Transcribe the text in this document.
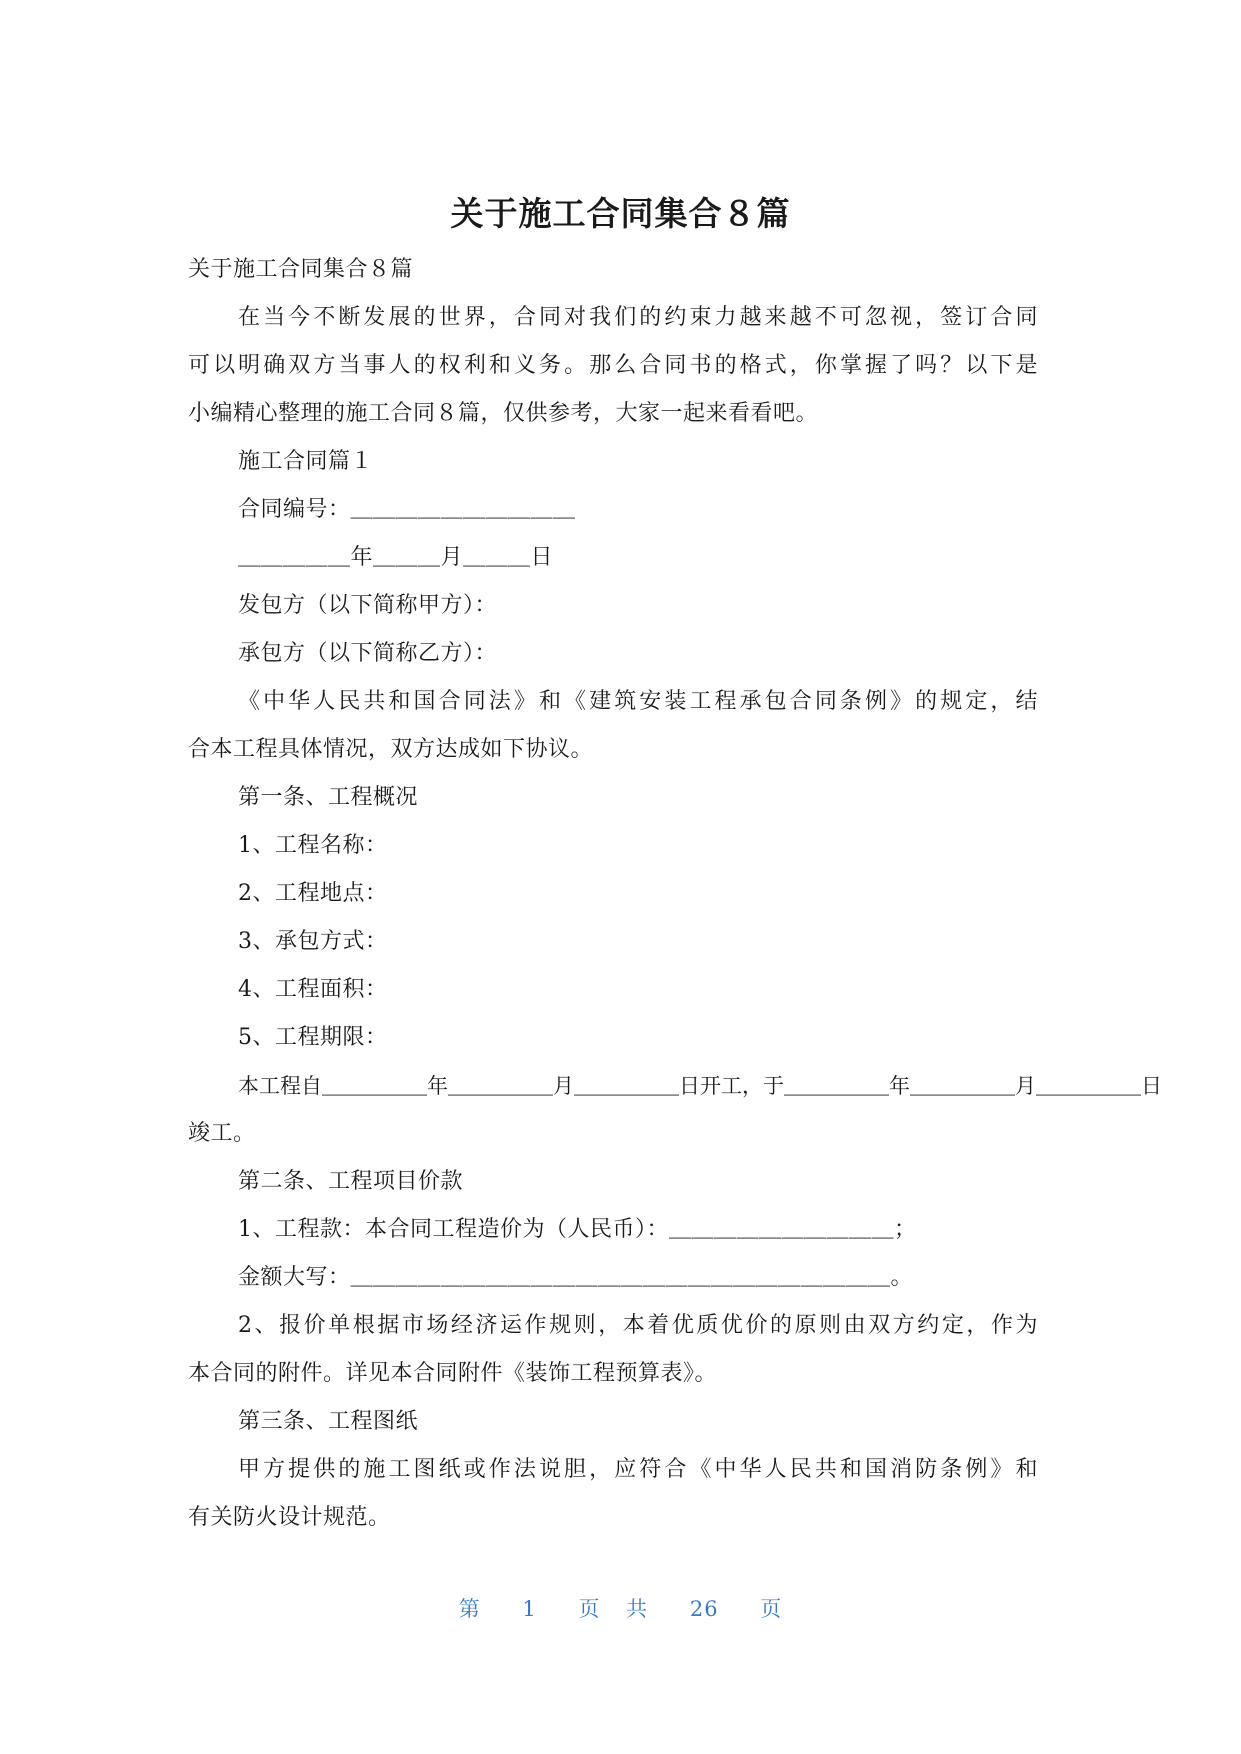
关于施工合同集合８篇
关于施工合同集合８篇
在当今不断发展的世界，合同对我们的约束力越来越不可忽视，签订合同
可以明确双方当事人的权利和义务。那么合同书的格式，你掌握了吗？以下是
小编精心整理的施工合同８篇，仅供参考，大家一起来看看吧。
施工合同篇１
合同编号：＿＿＿＿＿＿＿＿＿＿
＿＿＿＿＿年＿＿＿月＿＿＿日
发包方（以下简称甲方）：
承包方（以下简称乙方）：
《中华人民共和国合同法》和《建筑安装工程承包合同条例》的规定，结
合本工程具体情况，双方达成如下协议。
第一条、工程概况
1、工程名称：
2、工程地点：
3、承包方式：
4、工程面积：
5、工程期限：
本工程自＿＿＿＿＿年＿＿＿＿＿月＿＿＿＿＿日开工，于＿＿＿＿＿年＿＿＿＿＿月＿＿＿＿＿日
竣工。
第二条、工程项目价款
1、工程款：本合同工程造价为（人民币）：＿＿＿＿＿＿＿＿＿＿；
金额大写：＿＿＿＿＿＿＿＿＿＿＿＿＿＿＿＿＿＿＿＿＿＿＿＿。
2、报价单根据市场经济运作规则，本着优质优价的原则由双方约定，作为
本合同的附件。详见本合同附件《装饰工程预算表》。
第三条、工程图纸
甲方提供的施工图纸或作法说胆，应符合《中华人民共和国消防条例》和
有关防火设计规范。
第 1 页 共 26 页
